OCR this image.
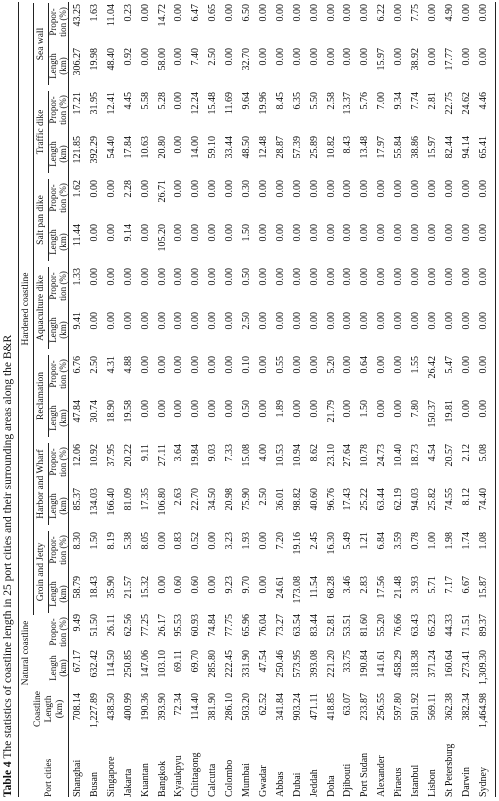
Table 4 The statistics of coastline length in 25 port cities and their surrounding areas along the B&R Natural coastline
Hardened coastline
Coastline Length (km)
Port cities
Groin and Jetty
Harbor and Wharf
Reclamation
Aquaculture dike
Salt pan dike
Traffic dike
Sea wall
Length (km)
Propor- tion (%)
Length (km)
Propor- tion (%)
Length (km)
Propor- tion (%)
Length (km)
Propor- tion (%)
Length (km)
Propor- tion (%)
Length (km)
Propor- tion (%)
Length (km)
Propor- tion (%)
Length (km)
Propor- tion (%)
Shanghai
708.14
67.17
9.49
58.79
8.30
85.37
12.06
47.84
6.76
9.41
1.33
11.44
1.62
121.85
17.21
306.27
43.25
Busan
1,227.89
632.42
51.50
18.43
1.50
134.03
10.92
30.74
2.50
0.00
0.00
0.00
0.00
392.29
31.95
19.98
1.63
Singapore
438.50
114.50
26.11
35.90
8.19
166.40
37.95
18.90
4.31
0.00
0.00
0.00
0.00
54.40
12.41
48.40
11.04
Jakarta
400.99
250.85
62.56
21.57
5.38
81.09
20.22
19.58
4.88
0.00
0.00
9.14
2.28
17.84
4.45
0.92
0.23
Kuantan
190.36
147.06
77.25
15.32
8.05
17.35
9.11
0.00
0.00
0.00
0.00
0.00
0.00
10.63
5.58
0.00
0.00
Bangkok
393.90
103.10
26.17
0.00
0.00
106.80
27.11
0.00
0.00
0.00
0.00
105.20
26.71
20.80
5.28
58.00
14.72
Kyaukpyu
72.34
69.11
95.53
0.60
0.83
2.63
3.64
0.00
0.00
0.00
0.00
0.00
0.00
0.00
0.00
0.00
0.00
Chittagong
114.40
69.70
60.93
0.60
0.52
22.70
19.84
0.00
0.00
0.00
0.00
0.00
0.00
14.00
12.24
7.40
6.47
Calcutta
381.90
285.80
74.84
0.00
0.00
34.50
9.03
0.00
0.00
0.00
0.00
0.00
0.00
59.10
15.48
2.50
0.65
Colombo
286.10
222.45
77.75
9.23
3.23
20.98
7.33
0.00
0.00
0.00
0.00
0.00
0.00
33.44
11.69
0.00
0.00
Mumbai
503.20
331.90
65.96
9.70
1.93
75.90
15.08
0.50
0.10
2.50
0.50
1.50
0.30
48.50
9.64
32.70
6.50
Gwadar
62.52
47.54
76.04
0.00
0.00
2.50
4.00
0.00
0.00
0.00
0.00
0.00
0.00
12.48
19.96
0.00
0.00
Abbas
341.84
250.46
73.27
24.61
7.20
36.01
10.53
1.89
0.55
0.00
0.00
0.00
0.00
28.87
8.45
0.00
0.00
Dubai
903.24
573.95
63.54
173.08
19.16
98.82
10.94
0.00
0.00
0.00
0.00
0.00
0.00
57.39
6.35
0.00
0.00
Jeddah
471.11
393.08
83.44
11.54
2.45
40.60
8.62
0.00
0.00
0.00
0.00
0.00
0.00
25.89
5.50
0.00
0.00
Doha
418.85
221.20
52.81
68.28
16.30
96.76
23.10
21.79
5.20
0.00
0.00
0.00
0.00
10.82
2.58
0.00
0.00
Djibouti
63.07
33.75
53.51
3.46
5.49
17.43
27.64
0.00
0.00
0.00
0.00
0.00
0.00
8.43
13.37
0.00
0.00
Port Sudan
233.87
190.84
81.60
2.83
1.21
25.22
10.78
1.50
0.64
0.00
0.00
0.00
0.00
13.48
5.76
0.00
0.00
Alexander
256.55
141.61
55.20
17.56
6.84
63.44
24.73
0.00
0.00
0.00
0.00
0.00
0.00
17.97
7.00
15.97
6.22
Piraeus
597.80
458.29
76.66
21.48
3.59
62.19
10.40
0.00
0.00
0.00
0.00
0.00
0.00
55.84
9.34
0.00
0.00
Istanbul
501.92
318.38
63.43
3.93
0.78
94.03
18.73
7.80
1.55
0.00
0.00
0.00
0.00
38.86
7.74
38.92
7.75
Lisbon
569.11
371.24
65.23
5.71
1.00
25.82
4.54
150.37
26.42
0.00
0.00
0.00
0.00
15.97
2.81
0.00
0.00
St Petersburg
362.38
160.64
44.33
7.17
1.98
74.55
20.57
19.81
5.47
0.00
0.00
0.00
0.00
82.44
22.75
17.77
4.90
Darwin
382.34
273.41
71.51
6.67
1.74
8.12
2.12
0.00
0.00
0.00
0.00
0.00
0.00
94.14
24.62
0.00
0.00
Sydney
1,464.98
1,309.30
89.37
15.87
1.08
74.40
5.08
0.00
0.00
0.00
0.00
0.00
0.00
65.41
4.46
0.00
0.00
